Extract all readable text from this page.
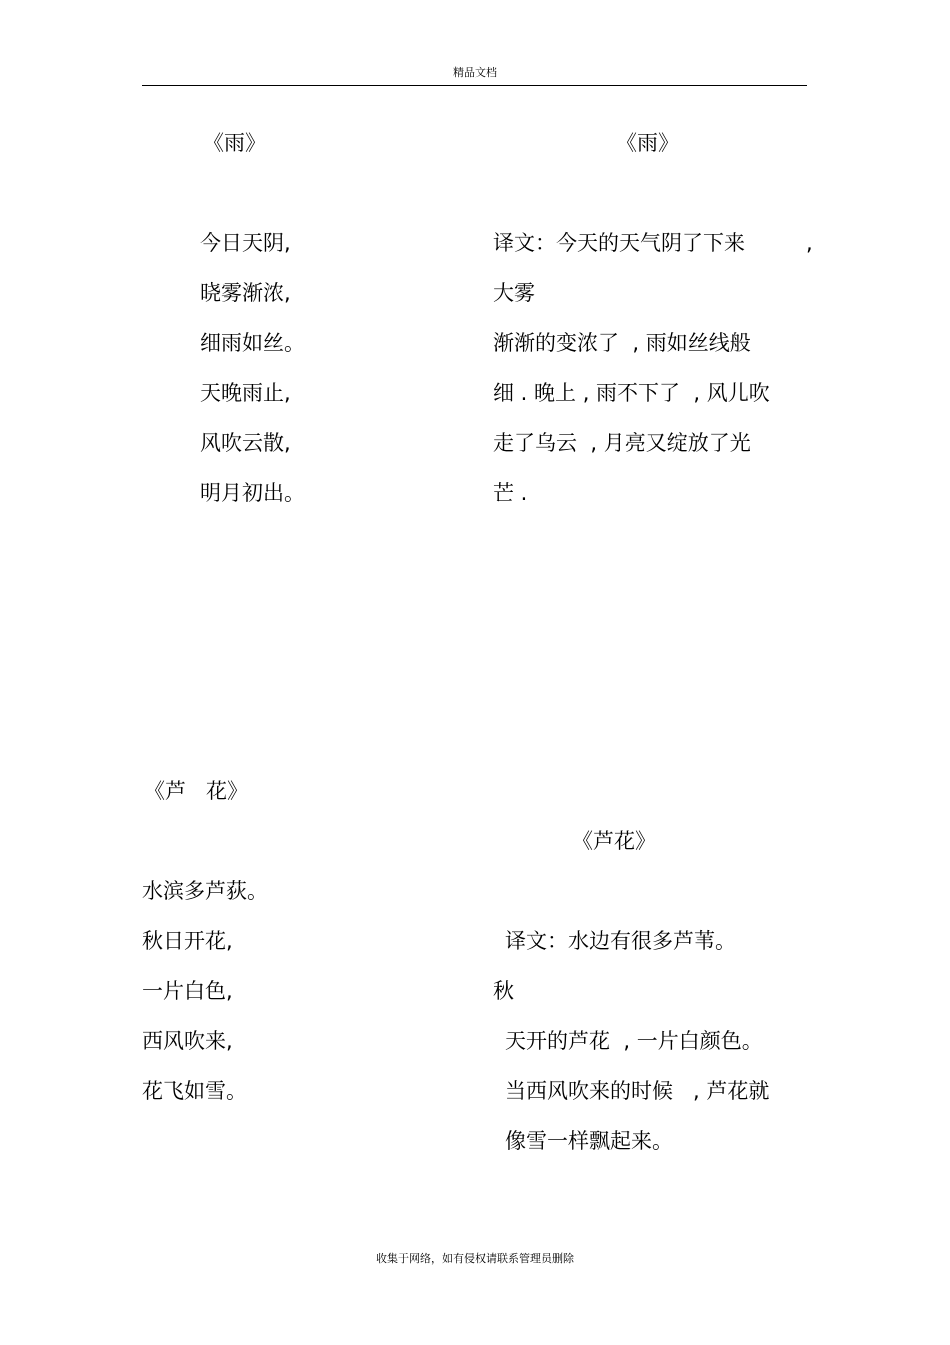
精品文档
《雨》
今日天阴,
晓雾渐浓,
细雨如丝。
天晚雨止,
风吹云散,
明月初出。
《雨》
译文：今天的天气阴了下来	,
大雾
渐渐的变浓了  , 雨如丝线般
细 . 晚上 , 雨不下了  , 风儿吹
走了乌云  , 月亮又绽放了光
芒 .
《芦   花》
水滨多芦荻。
秋日开花,
一片白色,
西风吹来,
花飞如雪。
《芦花》
译文：水边有很多芦苇。
秋
天开的芦花  , 一片白颜色。
当西风吹来的时候   , 芦花就
像雪一样飘起来。
收集于网络，如有侵权请联系管理员删除
